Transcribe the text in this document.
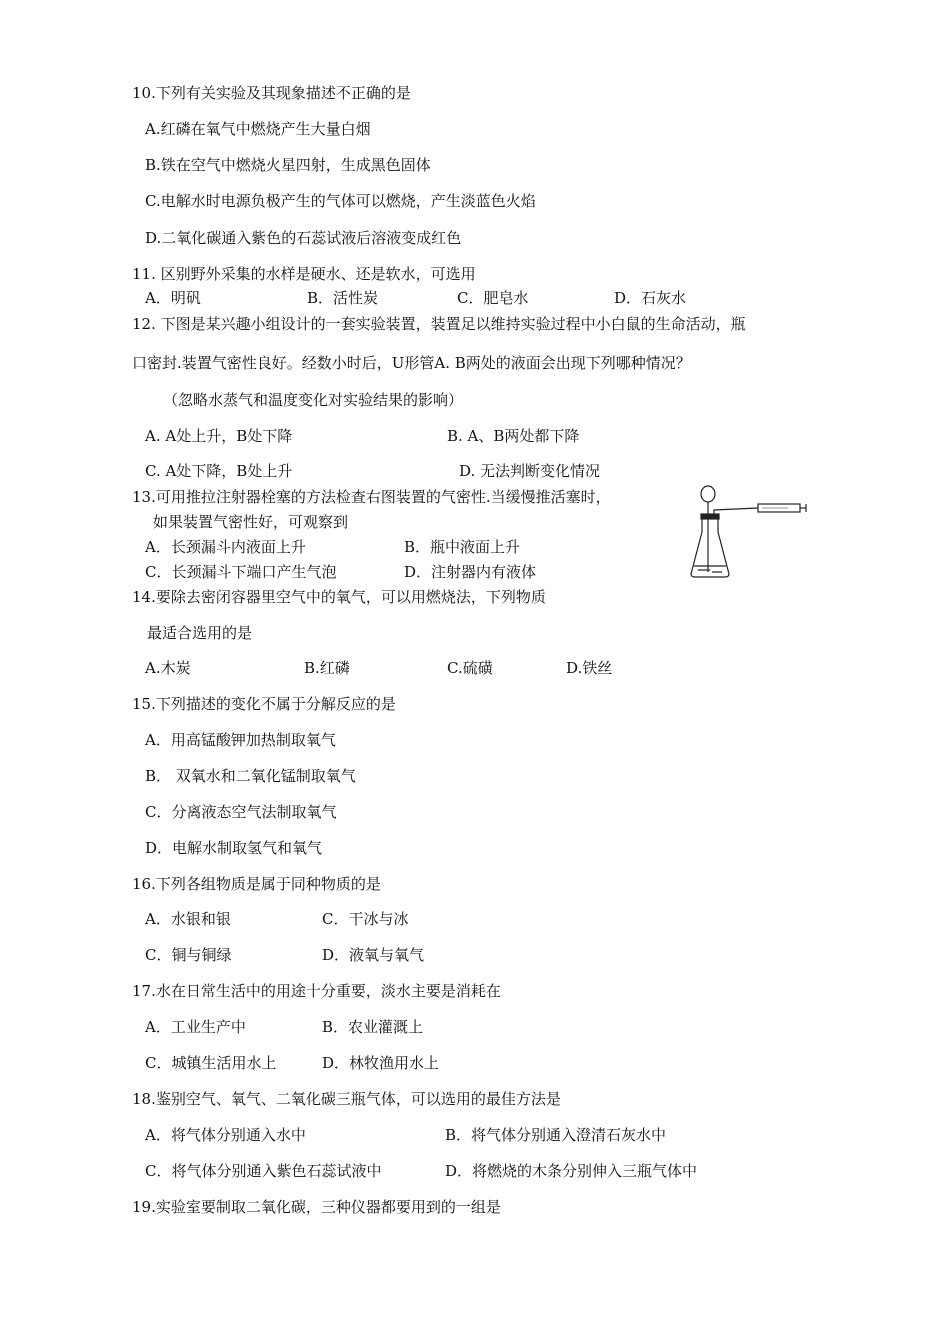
10.下列有关实验及其现象描述不正确的是
A.红磷在氧气中燃烧产生大量白烟
B.铁在空气中燃烧火星四射，生成黑色固体
C.电解水时电源负极产生的气体可以燃烧，产生淡蓝色火焰
D.二氧化碳通入紫色的石蕊试液后溶液变成红色
11. 区别野外采集的水样是硬水、还是软水，可选用
A．明矾	B．活性炭	C．肥皂水	D．石灰水
12. 下图是某兴趣小组设计的一套实验装置，装置足以维持实验过程中小白鼠的生命活动，瓶
口密封.装置气密性良好。经数小时后，U形管A. B两处的液面会出现下列哪种情况？
（忽略水蒸气和温度变化对实验结果的影响）
A. A处上升，B处下降	B. A、B两处都下降
C. A处下降，B处上升	D. 无法判断变化情况
13.可用推拉注射器栓塞的方法检查右图装置的气密性.当缓慢推活塞时，
如果装置气密性好，可观察到
A．长颈漏斗内液面上升	B．瓶中液面上升
C．长颈漏斗下端口产生气泡	D．注射器内有液体
14.要除去密闭容器里空气中的氧气，可以用燃烧法，下列物质
最适合选用的是
A.木炭	B.红磷	C.硫磺	D.铁丝
15.下列描述的变化不属于分解反应的是
A．用高锰酸钾加热制取氧气
B． 双氧水和二氧化锰制取氧气
C．分离液态空气法制取氧气
D．电解水制取氢气和氧气
16.下列各组物质是属于同种物质的是
A．水银和银	C．干冰与冰
C．铜与铜绿	D．液氧与氧气
17.水在日常生活中的用途十分重要，淡水主要是消耗在
A．工业生产中	B．农业灌溉上
C．城镇生活用水上	D．林牧渔用水上
18.鉴别空气、氧气、二氧化碳三瓶气体，可以选用的最佳方法是
A．将气体分别通入水中	B．将气体分别通入澄清石灰水中
C．将气体分别通入紫色石蕊试液中	D．将燃烧的木条分别伸入三瓶气体中
19.实验室要制取二氧化碳，三种仪器都要用到的一组是
